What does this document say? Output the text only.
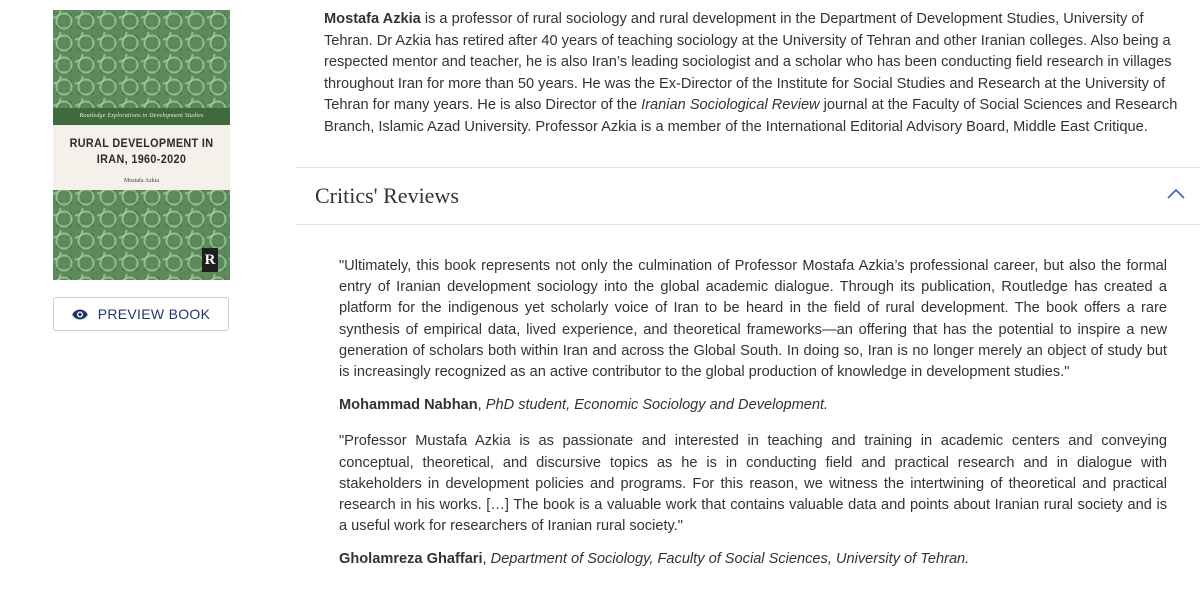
Routledge Explorations in Development Studies
RURAL DEVELOPMENT IN IRAN, 1960-2020
Mostafa Azkia
R
PREVIEW BOOK

Mostafa Azkia is a professor of rural sociology and rural development in the Department of Development Studies, University of Tehran. Dr Azkia has retired after 40 years of teaching sociology at the University of Tehran and other Iranian colleges. Also being a respected mentor and teacher, he is also Iran’s leading sociologist and a scholar who has been conducting field research in villages throughout Iran for more than 50 years. He was the Ex-Director of the Institute for Social Studies and Research at the University of Tehran for many years. He is also Director of the Iranian Sociological Review journal at the Faculty of Social Sciences and Research Branch, Islamic Azad University. Professor Azkia is a member of the International Editorial Advisory Board, Middle East Critique.

Critics' Reviews

"Ultimately, this book represents not only the culmination of Professor Mostafa Azkia’s professional career, but also the formal entry of Iranian development sociology into the global academic dialogue. Through its publication, Routledge has created a platform for the indigenous yet scholarly voice of Iran to be heard in the field of rural development. The book offers a rare synthesis of empirical data, lived experience, and theoretical frameworks—an offering that has the potential to inspire a new generation of scholars both within Iran and across the Global South. In doing so, Iran is no longer merely an object of study but is increasingly recognized as an active contributor to the global production of knowledge in development studies."

Mohammad Nabhan, PhD student, Economic Sociology and Development.

"Professor Mustafa Azkia is as passionate and interested in teaching and training in academic centers and conveying conceptual, theoretical, and discursive topics as he is in conducting field and practical research and in dialogue with stakeholders in development policies and programs. For this reason, we witness the intertwining of theoretical and practical research in his works. […] The book is a valuable work that contains valuable data and points about Iranian rural society and is a useful work for researchers of Iranian rural society."

Gholamreza Ghaffari, Department of Sociology, Faculty of Social Sciences, University of Tehran.
